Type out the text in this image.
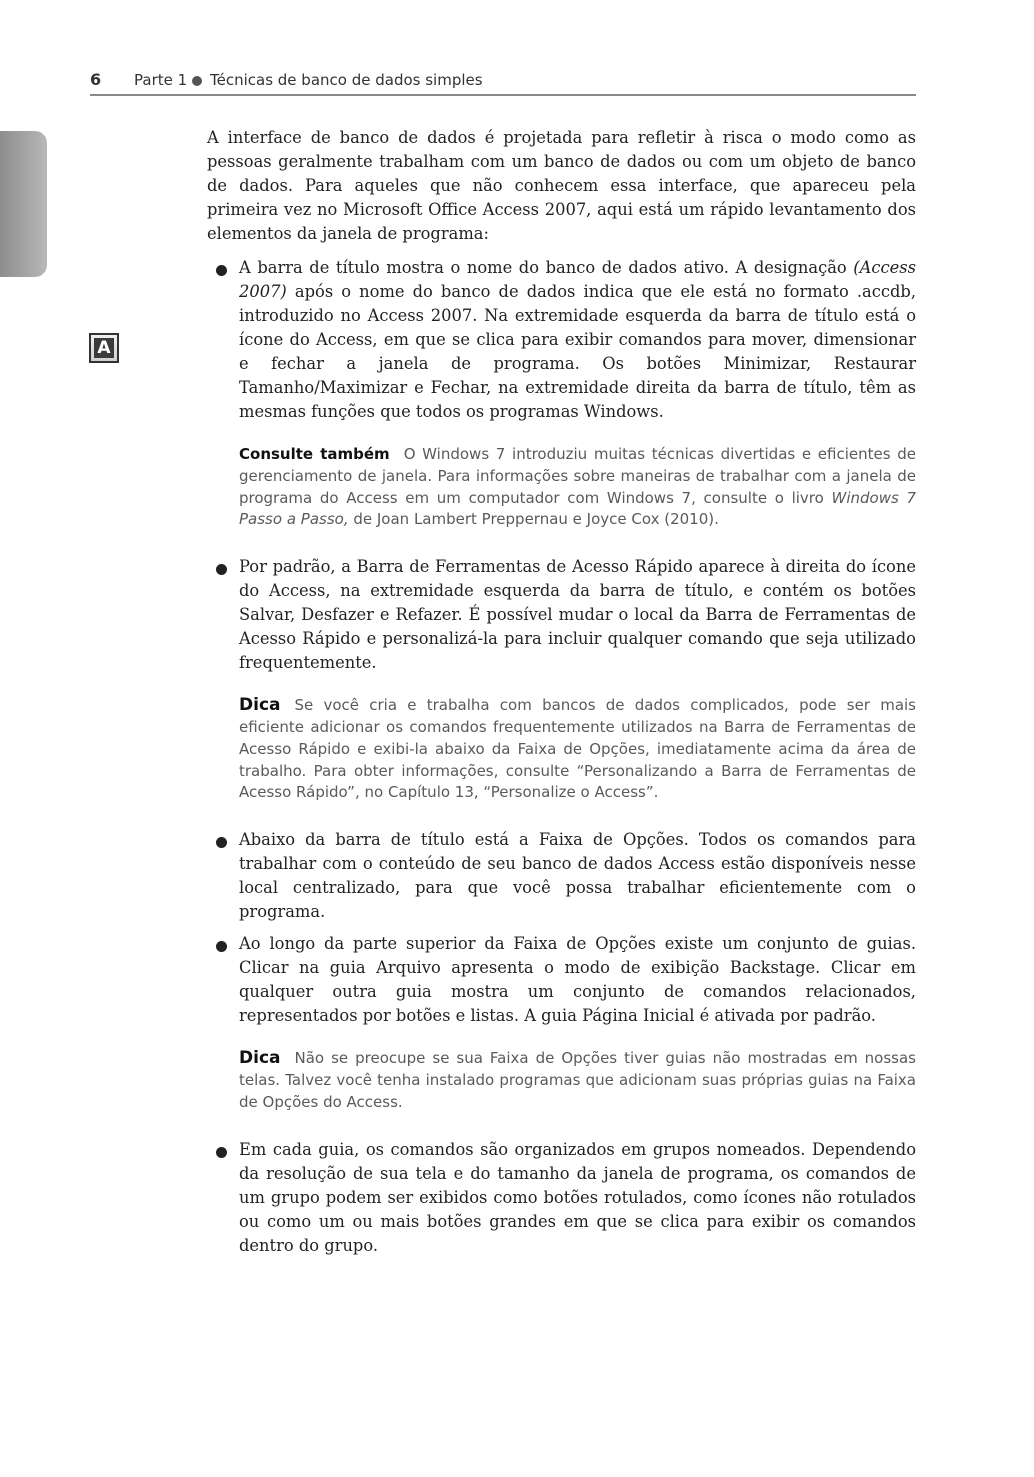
6 Parte 1 Técnicas de banco de dados simples
A

A interface de banco de dados é projetada para refletir à risca o modo como as pessoas geralmente trabalham com um banco de dados ou com um objeto de banco de dados. Para aqueles que não conhecem essa interface, que apareceu pela primeira vez no Microsoft Office Access 2007, aqui está um rápido levantamento dos elementos da janela de programa:

A barra de título mostra o nome do banco de dados ativo. A designação (Access 2007) após o nome do banco de dados indica que ele está no formato .accdb, introduzido no Access 2007. Na extremidade esquerda da barra de título está o ícone do Access, em que se clica para exibir comandos para mover, dimensionar e fechar a janela de programa. Os botões Minimizar, Restaurar Tamanho/Maximizar e Fechar, na extremidade direita da barra de título, têm as mesmas funções que todos os programas Windows.

Consulte também O Windows 7 introduziu muitas técnicas divertidas e eficientes de gerenciamento de janela. Para informações sobre maneiras de trabalhar com a janela de programa do Access em um computador com Windows 7, consulte o livro Windows 7 Passo a Passo, de Joan Lambert Preppernau e Joyce Cox (2010).

Por padrão, a Barra de Ferramentas de Acesso Rápido aparece à direita do ícone do Access, na extremidade esquerda da barra de título, e contém os botões Salvar, Desfazer e Refazer. É possível mudar o local da Barra de Ferramentas de Acesso Rápido e personalizá-la para incluir qualquer comando que seja utilizado frequentemente.

Dica Se você cria e trabalha com bancos de dados complicados, pode ser mais eficiente adicionar os comandos frequentemente utilizados na Barra de Ferramentas de Acesso Rápido e exibi-la abaixo da Faixa de Opções, imediatamente acima da área de trabalho. Para obter informações, consulte “Personalizando a Barra de Ferramentas de Acesso Rápido”, no Capítulo 13, “Personalize o Access”.

Abaixo da barra de título está a Faixa de Opções. Todos os comandos para trabalhar com o conteúdo de seu banco de dados Access estão disponíveis nesse local centralizado, para que você possa trabalhar eficientemente com o programa.

Ao longo da parte superior da Faixa de Opções existe um conjunto de guias. Clicar na guia Arquivo apresenta o modo de exibição Backstage. Clicar em qualquer outra guia mostra um conjunto de comandos relacionados, representados por botões e listas. A guia Página Inicial é ativada por padrão.

Dica Não se preocupe se sua Faixa de Opções tiver guias não mostradas em nossas telas. Talvez você tenha instalado programas que adicionam suas próprias guias na Faixa de Opções do Access.

Em cada guia, os comandos são organizados em grupos nomeados. Dependendo da resolução de sua tela e do tamanho da janela de programa, os comandos de um grupo podem ser exibidos como botões rotulados, como ícones não rotulados ou como um ou mais botões grandes em que se clica para exibir os comandos dentro do grupo.
